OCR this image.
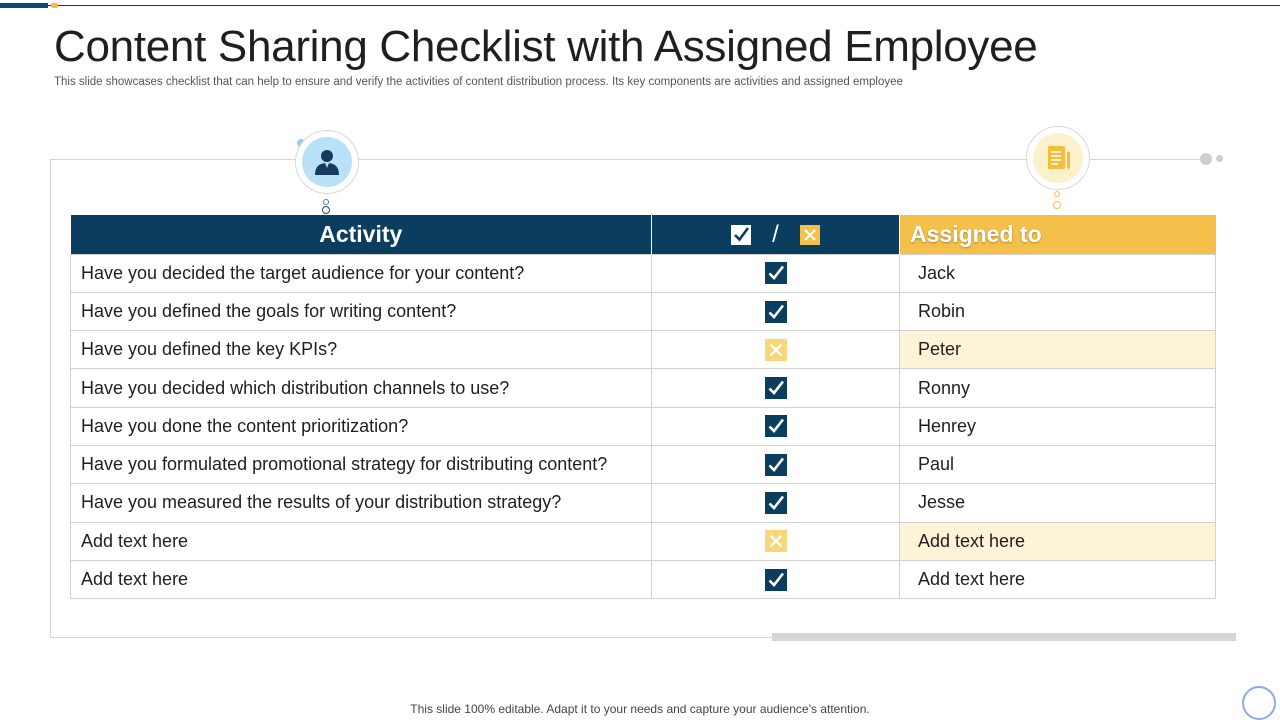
Content Sharing Checklist with Assigned Employee
This slide showcases checklist that can help to ensure and verify the activities of content distribution process. Its key components are activities and assigned employee
Activity	/	Assigned to
Have you decided the target audience for your content?		Jack
Have you defined the goals for writing content?		Robin
Have you defined the key KPIs?		Peter
Have you decided which distribution channels to use?		Ronny
Have you done the content prioritization?		Henrey
Have you formulated promotional strategy for distributing content?		Paul
Have you measured the results of your distribution strategy?		Jesse
Add text here		Add text here
Add text here		Add text here
This slide 100% editable. Adapt it to your needs and capture your audience’s attention.
